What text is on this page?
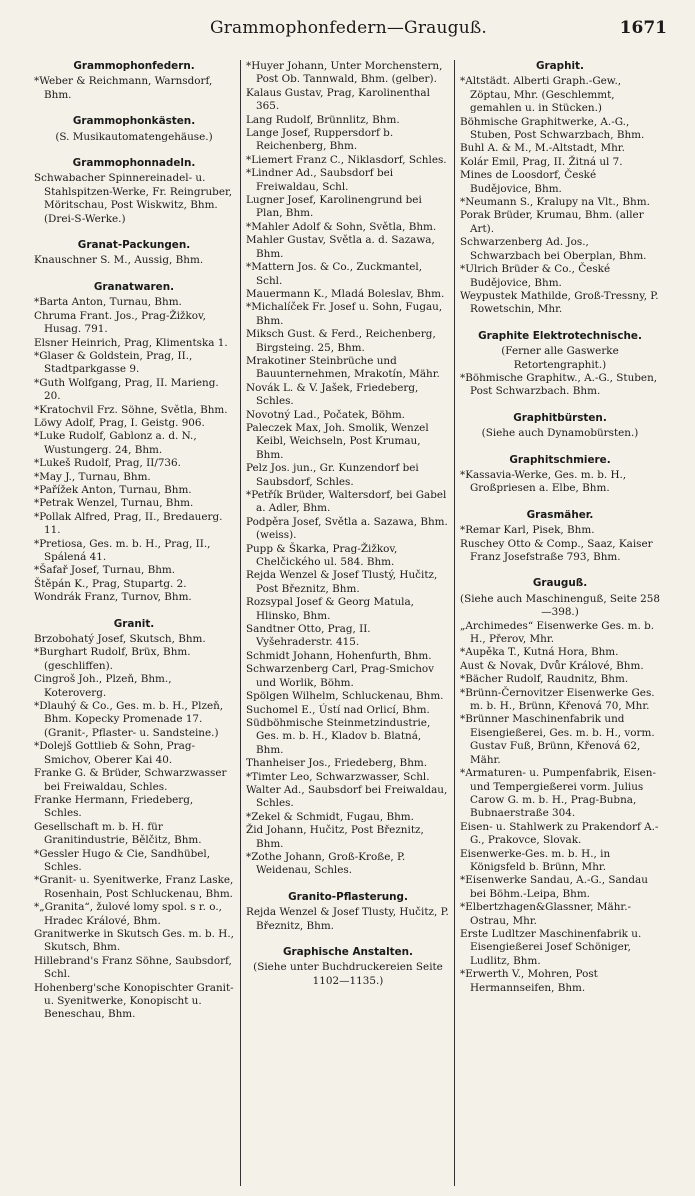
Grammophonfedern—Grauguß.	1671
Grammophonfedern.

*Weber & Reichmann, Warnsdorf, Bhm.

Grammophonkästen.

(S. Musikautomatengehäuse.)

Grammophonnadeln.

Schwabacher Spinnereinadel- u. Stahlspitzen-Werke, Fr. Reingruber, Möritschau, Post Wiskwitz, Bhm. (Drei-S-Werke.)

Granat-Packungen.

Knauschner S. M., Aussig, Bhm.

Granatwaren.

*Barta Anton, Turnau, Bhm.

Chruma Frant. Jos., Prag-Žižkov, Husag. 791.

Elsner Heinrich, Prag, Klimentska 1.

*Glaser & Goldstein, Prag, II., Stadtparkgasse 9.

*Guth Wolfgang, Prag, II. Marieng. 20.

*Kratochvil Frz. Söhne, Světla, Bhm.

Löwy Adolf, Prag, I. Geistg. 906.

*Luke Rudolf, Gablonz a. d. N., Wustungerg. 24, Bhm.

*Lukeš Rudolf, Prag, II/736.

*May J., Turnau, Bhm.

*Pařížek Anton, Turnau, Bhm.

*Petrak Wenzel, Turnau, Bhm.

*Pollak Alfred, Prag, II., Bredauerg. 11.

*Pretiosa, Ges. m. b. H., Prag, II., Spálená 41.

*Šafař Josef, Turnau, Bhm.

Štěpán K., Prag, Stupartg. 2.

Wondrák Franz, Turnov, Bhm.

Granit.

Brzobohatý Josef, Skutsch, Bhm.

*Burghart Rudolf, Brüx, Bhm. (geschliffen).

Cingroš Joh., Plzeň, Bhm., Koteroverg.

*Dlauhý & Co., Ges. m. b. H., Plzeň, Bhm. Kopecky Promenade 17. (Granit-, Pflaster- u. Sandsteine.)

*Dolejš Gottlieb & Sohn, Prag-Smichov, Oberer Kai 40.

Franke G. & Brüder, Schwarzwasser bei Freiwaldau, Schles.

Franke Hermann, Friedeberg, Schles.

Gesellschaft m. b. H. für Granitindustrie, Bělčitz, Bhm.

*Gessler Hugo & Cie, Sandhübel, Schles.

*Granit- u. Syenitwerke, Franz Laske, Rosenhain, Post Schluckenau, Bhm.

*„Granita“, žulové lomy spol. s r. o., Hradec Králové, Bhm.

Granitwerke in Skutsch Ges. m. b. H., Skutsch, Bhm.

Hillebrand's Franz Söhne, Saubsdorf, Schl.

Hohenberg'sche Konopischter Granit- u. Syenitwerke, Konopischt u. Beneschau, Bhm.

*Huyer Johann, Unter Morchenstern, Post Ob. Tannwald, Bhm. (gelber).

Kalaus Gustav, Prag, Karolinenthal 365.

Lang Rudolf, Brünnlitz, Bhm.

Lange Josef, Ruppersdorf b. Reichenberg, Bhm.

*Liemert Franz C., Niklasdorf, Schles.

*Lindner Ad., Saubsdorf bei Freiwaldau, Schl.

Lugner Josef, Karolinengrund bei Plan, Bhm.

*Mahler Adolf & Sohn, Světla, Bhm.

Mahler Gustav, Světla a. d. Sazawa, Bhm.

*Mattern Jos. & Co., Zuckmantel, Schl.

Mauermann K., Mladá Boleslav, Bhm.

*Michalíček Fr. Josef u. Sohn, Fugau, Bhm.

Miksch Gust. & Ferd., Reichenberg, Birgsteing. 25, Bhm.

Mrakotiner Steinbrüche und Bauunternehmen, Mrakotín, Mähr.

Novák L. & V. Jašek, Friedeberg, Schles.

Novotný Lad., Počatek, Böhm.

Paleczek Max, Joh. Smolik, Wenzel Keibl, Weichseln, Post Krumau, Bhm.

Pelz Jos. jun., Gr. Kunzendorf bei Saubsdorf, Schles.

*Petřík Brüder, Waltersdorf, bei Gabel a. Adler, Bhm.

Podpěra Josef, Světla a. Sazawa, Bhm. (weiss).

Pupp & Škarka, Prag-Žižkov, Chelčického ul. 584. Bhm.

Rejda Wenzel & Josef Tlustý, Hučitz, Post Březnitz, Bhm.

Rozsypal Josef & Georg Matula, Hlinsko, Bhm.

Sandtner Otto, Prag, II. Vyšehraderstr. 415.

Schmidt Johann, Hohenfurth, Bhm.

Schwarzenberg Carl, Prag-Smichov und Worlik, Böhm.

Spölgen Wilhelm, Schluckenau, Bhm.

Suchomel E., Ústí nad Orlicí, Bhm.

Südböhmische Steinmetzindustrie, Ges. m. b. H., Kladov b. Blatná, Bhm.

Thanheiser Jos., Friedeberg, Bhm.

*Timter Leo, Schwarzwasser, Schl.

Walter Ad., Saubsdorf bei Freiwaldau, Schles.

*Zekel & Schmidt, Fugau, Bhm.

Žid Johann, Hučitz, Post Březnitz, Bhm.

*Zothe Johann, Groß-Kroße, P. Weidenau, Schles.

Granito-Pflasterung.

Rejda Wenzel & Josef Tlusty, Hučitz, P. Březnitz, Bhm.

Graphische Anstalten.

(Siehe unter Buchdruckereien Seite 1102—1135.)

Graphit.

*Altstädt. Alberti Graph.-Gew., Zöptau, Mhr. (Geschlemmt, gemahlen u. in Stücken.)

Böhmische Graphitwerke, A.-G., Stuben, Post Schwarzbach, Bhm.

Buhl A. & M., M.-Altstadt, Mhr.

Kolár Emil, Prag, II. Žitná ul 7.

Mines de Loosdorf, České Budějovice, Bhm.

*Neumann S., Kralupy na Vlt., Bhm.

Porak Brüder, Krumau, Bhm. (aller Art).

Schwarzenberg Ad. Jos., Schwarzbach bei Oberplan, Bhm.

*Ulrich Brüder & Co., České Budějovice, Bhm.

Weypustek Mathilde, Groß-Tressny, P. Rowetschin, Mhr.

Graphite Elektrotechnische.

(Ferner alle Gaswerke Retortengraphit.)

*Böhmische Graphitw., A.-G., Stuben, Post Schwarzbach. Bhm.

Graphitbürsten.

(Siehe auch Dynamobürsten.)

Graphitschmiere.

*Kassavia-Werke, Ges. m. b. H., Großpriesen a. Elbe, Bhm.

Grasmäher.

*Remar Karl, Pisek, Bhm.

Ruschey Otto & Comp., Saaz, Kaiser Franz Josefstraße 793, Bhm.

Grauguß.

(Siehe auch Maschinenguß, Seite 258—398.)

„Archimedes“ Eisenwerke Ges. m. b. H., Přerov, Mhr.

*Aupěka T., Kutná Hora, Bhm.

Aust & Novak, Dvůr Králové, Bhm.

*Bächer Rudolf, Raudnitz, Bhm.

*Brünn-Černovitzer Eisenwerke Ges. m. b. H., Brünn, Křenová 70, Mhr.

*Brünner Maschinenfabrik und Eisengießerei, Ges. m. b. H., vorm. Gustav Fuß, Brünn, Křenová 62, Mähr.

*Armaturen- u. Pumpenfabrik, Eisen- und Tempergießerei vorm. Julius Carow G. m. b. H., Prag-Bubna, Bubnaerstraße 304.

Eisen- u. Stahlwerk zu Prakendorf A.-G., Prakovce, Slovak.

Eisenwerke-Ges. m. b. H., in Königsfeld b. Brünn, Mhr.

*Eisenwerke Sandau, A.-G., Sandau bei Böhm.-Leipa, Bhm.

*Elbertzhagen&Glassner, Mähr.-Ostrau, Mhr.

Erste Ludltzer Maschinenfabrik u. Eisengießerei Josef Schöniger, Ludlitz, Bhm.

*Erwerth V., Mohren, Post Hermannseifen, Bhm.
